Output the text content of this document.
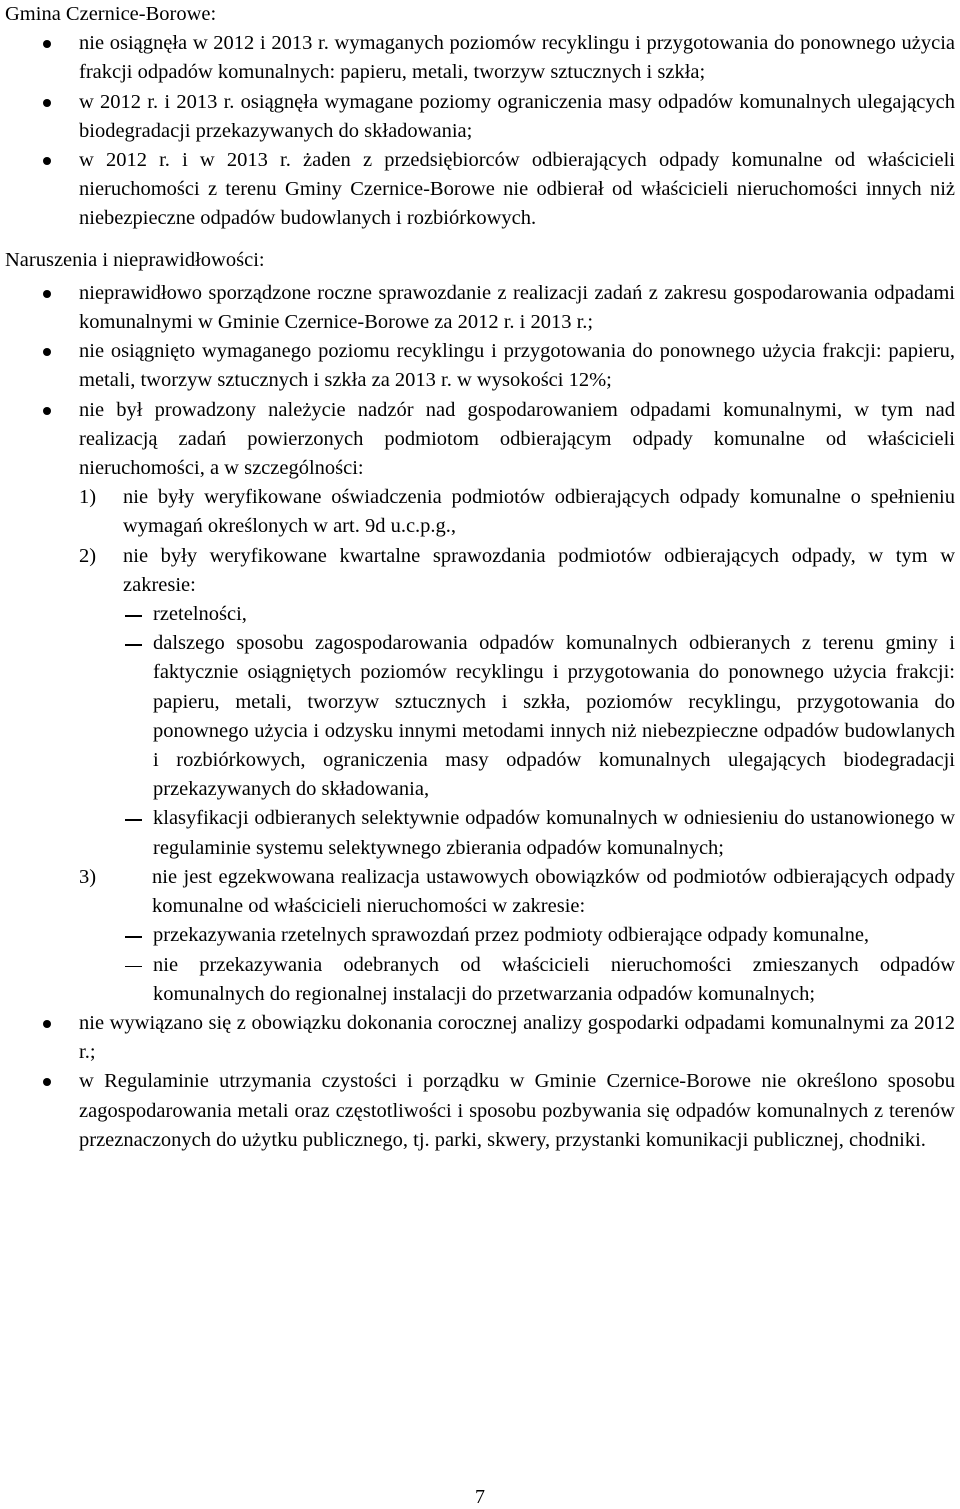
Gmina Czernice-Borowe:

nie osiągnęła w 2012 i 2013 r. wymaganych poziomów recyklingu i przygotowania do ponownego użycia frakcji odpadów komunalnych: papieru, metali, tworzyw sztucznych i szkła;
w 2012 r. i 2013 r. osiągnęła wymagane poziomy ograniczenia masy odpadów komunalnych ulegających biodegradacji przekazywanych do składowania;
w 2012 r. i w 2013 r. żaden z przedsiębiorców odbierających odpady komunalne od właścicieli nieruchomości z terenu Gminy Czernice-Borowe nie odbierał od właścicieli nieruchomości innych niż niebezpieczne odpadów budowlanych i rozbiórkowych.

Naruszenia i nieprawidłowości:

nieprawidłowo sporządzone roczne sprawozdanie z realizacji zadań z zakresu gospodarowania odpadami komunalnymi w Gminie Czernice-Borowe za 2012 r. i 2013 r.;
nie osiągnięto wymaganego poziomu recyklingu i przygotowania do ponownego użycia frakcji: papieru, metali, tworzyw sztucznych i szkła za 2013 r. w wysokości 12%;
nie był prowadzony należycie nadzór nad gospodarowaniem odpadami komunalnymi, w tym nad realizacją zadań powierzonych podmiotom odbierającym odpady komunalne od właścicieli nieruchomości, a w szczególności:
1)	nie były weryfikowane oświadczenia podmiotów odbierających odpady komunalne o spełnieniu wymagań określonych w art. 9d u.c.p.g.,
2)	nie były weryfikowane kwartalne sprawozdania podmiotów odbierających odpady, w tym w zakresie:
rzetelności,
dalszego sposobu zagospodarowania odpadów komunalnych odbieranych z terenu gminy i faktycznie osiągniętych poziomów recyklingu i przygotowania do ponownego użycia frakcji: papieru, metali, tworzyw sztucznych i szkła, poziomów recyklingu, przygotowania do ponownego użycia i odzysku innymi metodami innych niż niebezpieczne odpadów budowlanych i rozbiórkowych, ograniczenia masy odpadów komunalnych ulegających biodegradacji przekazywanych do składowania,
klasyfikacji odbieranych selektywnie odpadów komunalnych w odniesieniu do ustanowionego w regulaminie systemu selektywnego zbierania odpadów komunalnych;
3)	nie jest egzekwowana realizacja ustawowych obowiązków od podmiotów odbierających odpady komunalne od właścicieli nieruchomości w zakresie:
przekazywania rzetelnych sprawozdań przez podmioty odbierające odpady komunalne,
nie przekazywania odebranych od właścicieli nieruchomości zmieszanych odpadów komunalnych do regionalnej instalacji do przetwarzania odpadów komunalnych;
nie wywiązano się z obowiązku dokonania corocznej analizy gospodarki odpadami komunalnymi za 2012 r.;
w Regulaminie utrzymania czystości i porządku w Gminie Czernice-Borowe nie określono sposobu zagospodarowania metali oraz częstotliwości i sposobu pozbywania się odpadów komunalnych z terenów przeznaczonych do użytku publicznego, tj. parki, skwery, przystanki komunikacji publicznej, chodniki.
7
